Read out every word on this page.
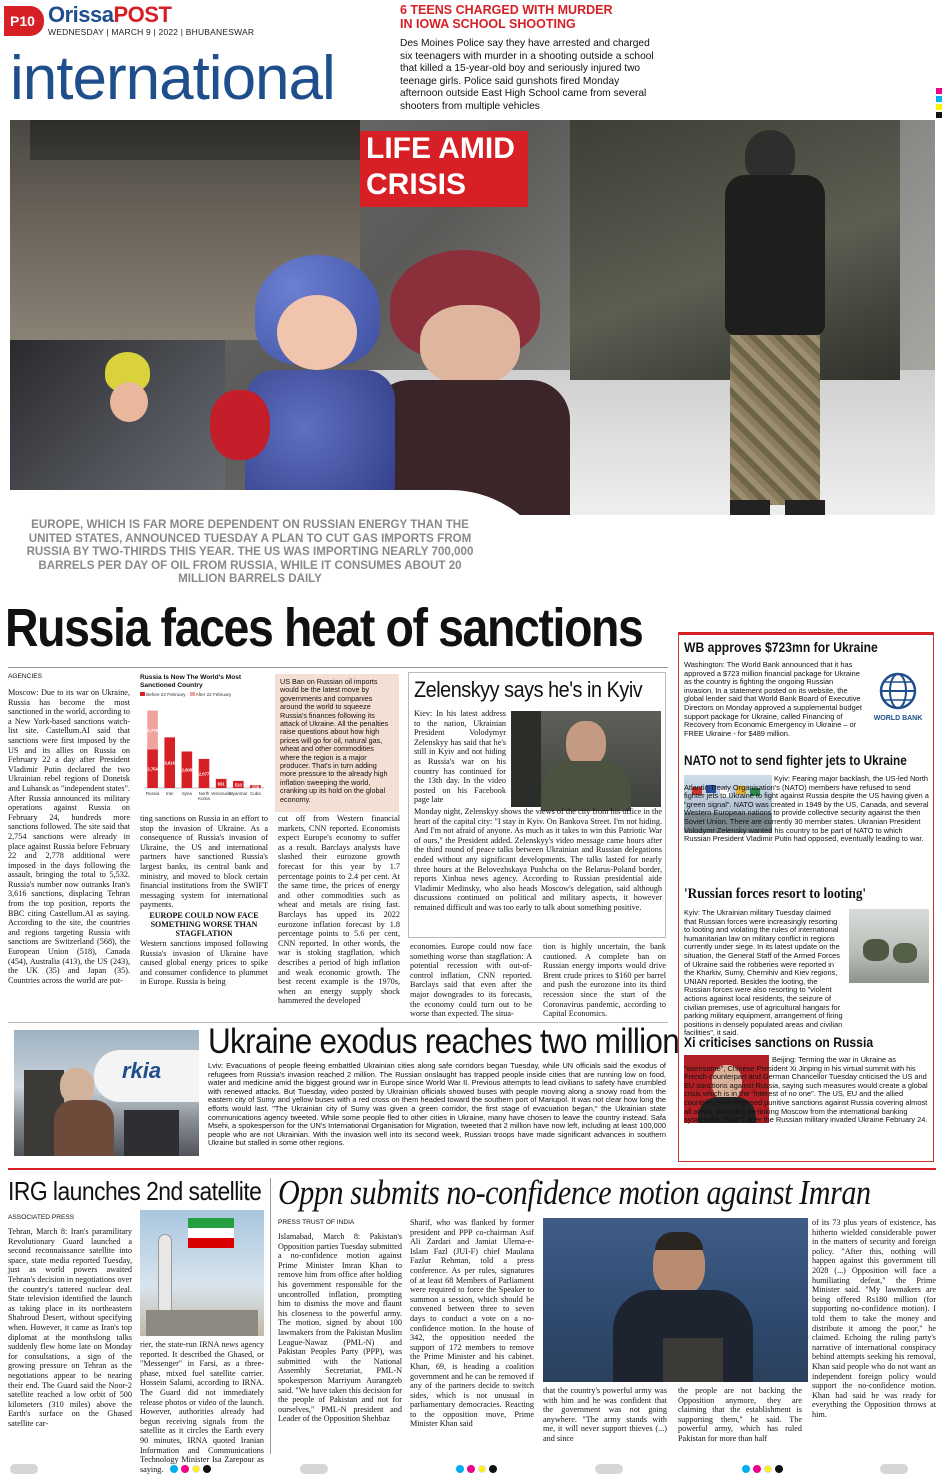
P10 OrissaPOST
WEDNESDAY | MARCH 9 | 2022 | BHUBANESWAR
international
6 TEENS CHARGED WITH MURDER
IN IOWA SCHOOL SHOOTING
Des Moines Police say they have arrested and charged six teenagers with murder in a shooting outside a school that killed a 15-year-old boy and seriously injured two teenage girls. Police said gunshots fired Monday afternoon outside East High School came from several shooters from multiple vehicles
LIFE AMID
CRISIS
EUROPE, WHICH IS FAR MORE DEPENDENT ON RUSSIAN ENERGY THAN THE UNITED STATES, ANNOUNCED TUESDAY A PLAN TO CUT GAS IMPORTS FROM RUSSIA BY TWO-THIRDS THIS YEAR. THE US WAS IMPORTING NEARLY 700,000 BARRELS PER DAY OF OIL FROM RUSSIA, WHILE IT CONSUMES ABOUT 20 MILLION BARRELS DAILY
Russia faces heat of sanctions
AGENCIES
Moscow: Due to its war on Ukraine, Russia has become the most sanctioned in the world, according to a New York-based sanctions watch-list site. Castellum.AI said that sanctions were first imposed by the US and its allies on Russia on February 22 a day after President Vladimir Putin declared the two Ukrainian rebel regions of Donetsk and Luhansk as "independent states". After Russia announced its military operations against Russia on February 24, hundreds more sanctions followed. The site said that 2,754 sanctions were already in place against Russia before February 22 and 2,778 additional were imposed in the days following the assault, bringing the total to 5,532. Russia's number now outranks Iran's 3,616 sanctions, displacing Tehran from the top position, reports the BBC citing Castellum.AI as saying. According to the site, the countries and regions targeting Russia with sanctions are Switzerland (568), the European Union (518), Canada (454), Australia (413), the US (243), the UK (35) and Japan (35). Countries across the world are put-
Russia Is Now The World's Most Sanctioned Country
Before 22 February	After 22 February
2,778
2,754
Russia
3,616
Iran
2,608
Syria
2,077
North
Korea
651
Venezuela
510
Myanmar
208
Cuba
US Ban on Russian oil imports would be the latest move by governments and companies around the world to squeeze Russia's finances following its attack of Ukraine. All the penalties raise questions about how high prices will go for oil, natural gas, wheat and other commodities where the region is a major producer. That's in turn adding more pressure to the already high inflation sweeping the world, cranking up its hold on the global economy.
ting sanctions on Russia in an effort to stop the invasion of Ukraine. As a consequence of Russia's invasion of Ukraine, the US and international partners have sanctioned Russia's largest banks, its central bank and ministry, and moved to block certain financial institutions from the SWIFT messaging system for international payments.
EUROPE COULD NOW FACE SOMETHING WORSE THAN STAGFLATION
Western sanctions imposed following Russia's invasion of Ukraine have caused global energy prices to spike and consumer confidence to plummet in Europe. Russia is being
cut off from Western financial markets, CNN reported. Economists expect Europe's economy to suffer as a result. Barclays analysts have slashed their eurozone growth forecast for this year by 1.7 percentage points to 2.4 per cent. At the same time, the prices of energy and other commodities such as wheat and metals are rising fast. Barclays has upped its 2022 eurozone inflation forecast by 1.8 percentage points to 5.6 per cent, CNN reported. In other words, the war is stoking stagflation, which describes a period of high inflation and weak economic growth. The best recent example is the 1970s, when an energy supply shock hammered the developed
Zelenskyy says he's in Kyiv
Kiev: In his latest address to the nation, Ukrainian President Volodymyr Zelenskyy has said that he's still in Kyiv and not hiding as Russia's war on his country has continued for the 13th day. In the video posted on his Facebook page late
Monday night, Zelenskyy shows the views of the city from his office in the heart of the capital city: "I stay in Kyiv. On Bankova Street. I'm not hiding. And I'm not afraid of anyone. As much as it takes to win this Patriotic War of ours," the President added. Zelenskyy's video message came hours after the third round of peace talks between Ukrainian and Russian delegations ended without any significant developments. The talks lasted for nearly three hours at the Belovezhskaya Pushcha on the Belarus-Poland border, reports Xinhua news agency. According to Russian presidential aide Vladimir Medinsky, who also heads Moscow's delegation, said although discussions continued on political and military aspects, it however remained difficult and was too early to talk about something positive.
economies. Europe could now face something worse than stagflation: A potential recession with out-of-control inflation, CNN reported. Barclays said that even after the major downgrades to its forecasts, the economy could turn out to be worse than expected. The situa-
tion is highly uncertain, the bank cautioned. A complete ban on Russian energy imports would drive Brent crude prices to $160 per barrel and push the eurozone into its third recession since the start of the Coronavirus pandemic, according to Capital Economics.
WB approves $723mn for Ukraine
Washington: The World Bank announced that it has approved a $723 million financial package for Ukraine as the country is fighting the ongoing Russian invasion. In a statement posted on its website, the global lender said that World Bank Board of Executive Directors on Monday approved a supplemental budget support package for Ukraine, called Financing of Recovery from Economic Emergency in Ukraine – or FREE Ukraine - for $489 million.
WORLD BANK
NATO not to send fighter jets to Ukraine
Kyiv: Fearing major backlash, the US-led North Atlantic Treaty Organisation's (NATO) members have refused to send fighter jets to Ukraine to fight against Russia despite the US having given a "green signal". NATO was created in 1949 by the US, Canada, and several Western European nations to provide collective security against the then Soviet Union. There are currently 30 member states. Ukranian President Volodymr Zelensky wanted his country to be part of NATO to which Russian President Vladimir Putin had opposed, eventually leading to war.
'Russian forces resort to looting'
Kyiv: The Ukrainian military Tuesday claimed that Russian forces were increasingly resorting to looting and violating the rules of international humanitarian law on military conflict in regions currently under siege. In its latest update on the situation, the General Staff of the Armed Forces of Ukraine said the robberies were reported in the Kharkiv, Sumy, Chernihiv and Kiev regions, UNIAN reported. Besides the looting, the Russian forces were also resorting to "violent actions against local residents, the seizure of civilian premises, use of agricultural hangars for parking military equipment, arrangement of firing positions in densely populated areas and civilian facilities", it said.
Xi criticises sanctions on Russia
Beijing: Terming the war in Ukraine as "worrisome", Chinese President Xi Jinping in his virtual summit with his French counterpart and German Chancellor Tuesday criticised the US and EU sanctions against Russia, saying such measures would create a global crisis which is in the "interest of no one". The US, EU and the allied countries have imposed punitive sanctions against Russia covering almost all areas, including de-linking Moscow from the international banking system the SWIFT after the Russian military invaded Ukraine February 24.
rkia
Ukraine exodus reaches two million
Lviv: Evacuations of people fleeing embattled Ukrainian cities along safe corridors began Tuesday, while UN officials said the exodus of refugees from Russia's invasion reached 2 million. The Russian onslaught has trapped people inside cities that are running low on food, water and medicine amid the biggest ground war in Europe since World War II. Previous attempts to lead civilians to safety have crumbled with renewed attacks. But Tuesday, video posted by Ukrainian officials showed buses with people moving along a snowy road from the eastern city of Sumy and yellow buses with a red cross on them headed toward the southern port of Mariupol. It was not clear how long the efforts would last. "The Ukrainian city of Sumy was given a green corridor, the first stage of evacuation began," the Ukrainian state communications agency tweeted. While some people fled to other cities in Ukraine, many have chosen to leave the country instead. Safa Msehi, a spokesperson for the UN's International Organisation for Migration, tweeted that 2 million have now left, including at least 100,000 people who are not Ukrainian. With the invasion well into its second week, Russian troops have made significant advances in southern Ukraine but stalled in some other regions.
IRG launches 2nd satellite
ASSOCIATED PRESS
Tehran, March 8: Iran's paramilitary Revolutionary Guard launched a second reconnaissance satellite into space, state media reported Tuesday, just as world powers awaited Tehran's decision in negotiations over the country's tattered nuclear deal. State television identified the launch as taking place in its northeastern Shahroud Desert, without specifying when. However, it came as Iran's top diplomat at the monthslong talks suddenly flew home late on Monday for consultations, a sign of the growing pressure on Tehran as the negotiations appear to be nearing their end. The Guard said the Noor-2 satellite reached a low orbit of 500 kilometers (310 miles) above the Earth's surface on the Ghased satellite car-
rier, the state-run IRNA news agency reported. It described the Ghased, or "Messenger" in Farsi, as a three-phase, mixed fuel satellite carrier. Hossein Salami, according to IRNA. The Guard did not immediately release photos or video of the launch. However, authorities already had begun receiving signals from the satellite as it circles the Earth every 90 minutes, IRNA quoted Iranian Information and Communications Technology Minister Isa Zarepour as saying.
Oppn submits no-confidence motion against Imran
PRESS TRUST OF INDIA
Islamabad, March 8: Pakistan's Opposition parties Tuesday submitted a no-confidence motion against Prime Minister Imran Khan to remove him from office after holding his government responsible for the uncontrolled inflation, prompting him to dismiss the move and flaunt his closeness to the powerful army. The motion, signed by about 100 lawmakers from the Pakistan Muslim League-Nawaz (PML-N) and Pakistan Peoples Party (PPP), was submitted with the National Assembly Secretariat, PML-N spokesperson Marriyum Aurangzeb said. "We have taken this decision for the people of Pakistan and not for ourselves," PML-N president and Leader of the Opposition Shehbaz
Sharif, who was flanked by former president and PPP co-chairman Asif Ali Zardari and Jamiat Ulema-e-Islam Fazl (JUI-F) chief Maulana Fazlur Rehman, told a press conference. As per rules, signatures of at least 68 Members of Parliament were required to force the Speaker to summon a session, which should be convened between three to seven days to conduct a vote on a no-confidence motion. In the house of 342, the opposition needed the support of 172 members to remove the Prime Minister and his cabinet. Khan, 69, is heading a coalition government and he can be removed if any of the partners decide to switch sides, which is not unusual in parliamentary democracies. Reacting to the opposition move, Prime Minister Khan said
that the country's powerful army was with him and he was confident that the government was not going anywhere. "The army stands with me, it will never support thieves (...) and since
the people are not backing the Opposition anymore, they are claiming that the establishment is supporting them," he said. The powerful army, which has ruled Pakistan for more than half
of its 73 plus years of existence, has hitherto wielded considerable power in the matters of security and foreign policy. "After this, nothing will happen against this government till 2028 (...) Opposition will face a humiliating defeat," the Prime Minister said. "My lawmakers are being offered Rs180 million (for supporting no-confidence motion). I told them to take the money and distribute it among the poor," he claimed. Echoing the ruling party's narrative of international conspiracy behind attempts seeking his removal, Khan said people who do not want an independent foreign policy would support the no-confidence motion. Khan had said he was ready for everything the Opposition throws at him.
